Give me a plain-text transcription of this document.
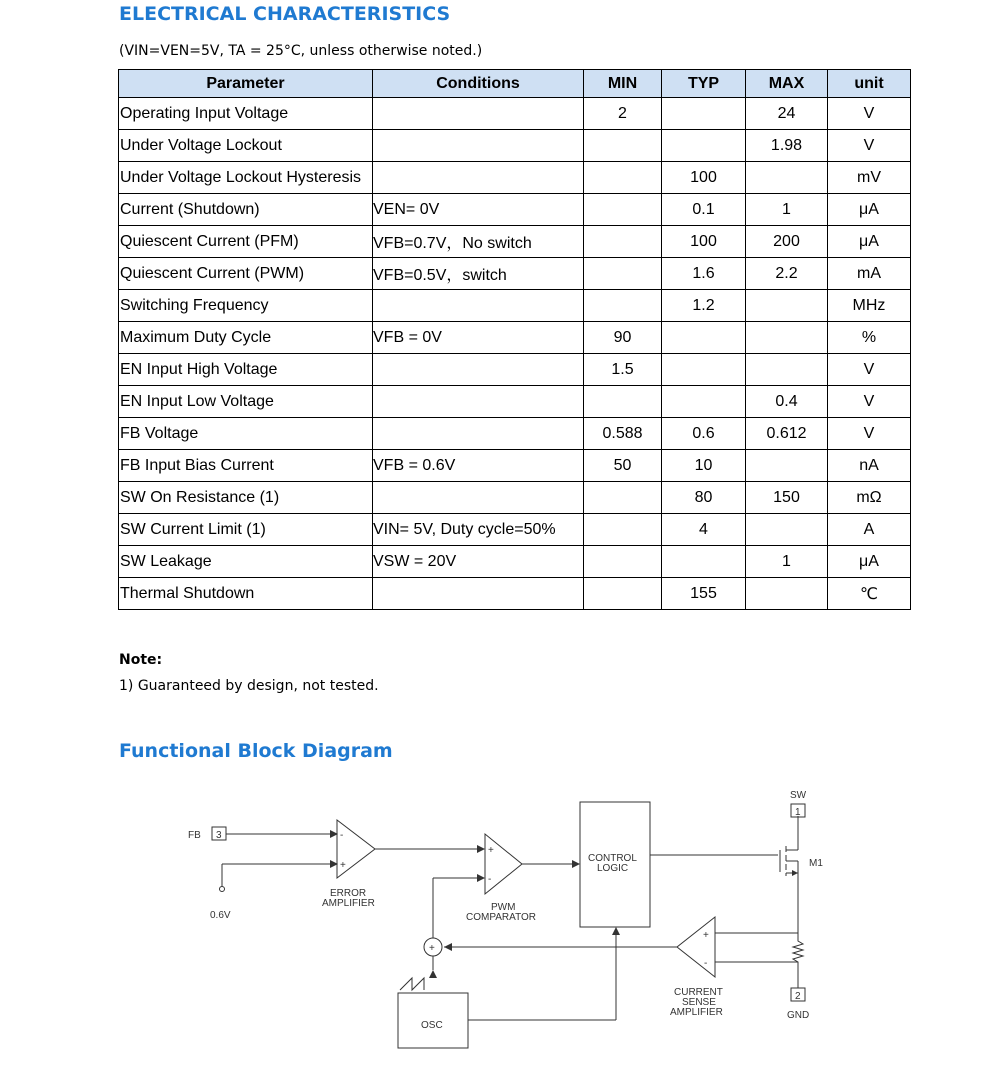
ELECTRICAL CHARACTERISTICS
(VIN=VEN=5V, TA = 25°C, unless otherwise noted.)
Parameter	Conditions	MIN	TYP	MAX	unit
Operating Input Voltage		2		24	V
Under Voltage Lockout				1.98	V
Under Voltage Lockout Hysteresis			100		mV
Current (Shutdown)	VEN= 0V		0.1	1	μA
Quiescent Current (PFM)	VFB=0.7V，No switch		100	200	μA
Quiescent Current (PWM)	VFB=0.5V，switch		1.6	2.2	mA
Switching Frequency			1.2		MHz
Maximum Duty Cycle	VFB = 0V	90			%
EN Input High Voltage		1.5			V
EN Input Low Voltage				0.4	V
FB Voltage		0.588	0.6	0.612	V
FB Input Bias Current	VFB = 0.6V	50	10		nA
SW On Resistance (1)			80	150	mΩ
SW Current Limit (1)	VIN= 5V, Duty cycle=50%		4		A
SW Leakage	VSW = 20V			1	μA
Thermal Shutdown			155		℃
Note:
1) Guaranteed by design, not tested.
Functional Block Diagram
FB 3
0.6V
-
+
ERROR
AMPLIFIER
+
-
PWM
COMPARATOR
CONTROL
LOGIC
SW
1
M1
+
+
-
CURRENT
SENSE
AMPLIFIER
2
GND
OSC
